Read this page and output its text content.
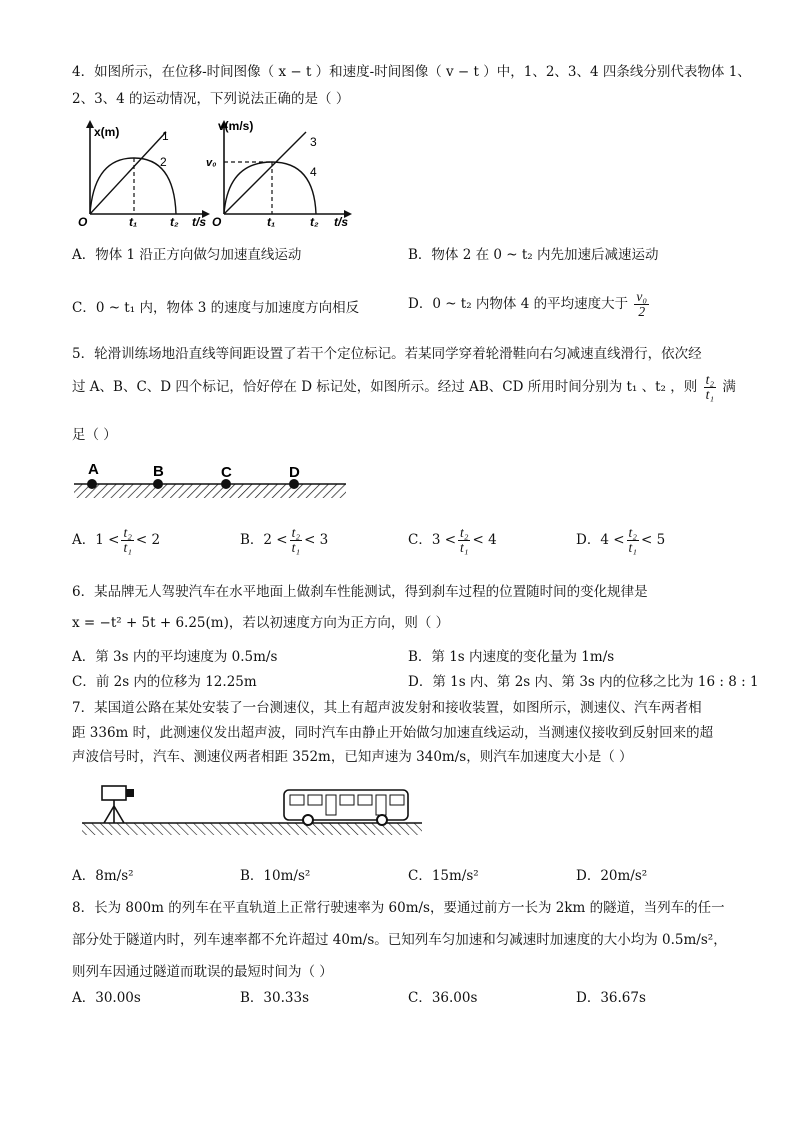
4．如图所示，在位移-时间图像（ x − t ）和速度-时间图像（ v − t ）中，1、2、3、4 四条线分别代表物体 1、
2、3、4 的运动情况，下列说法正确的是（ ）
x(m)	1
2
O	t₁	t₂ t/s
v(m/s)
v₀
3
4
O	t₁	t₂ t/s
A．物体 1 沿正方向做匀加速直线运动	B．物体 2 在 0 ~ t₂ 内先加速后减速运动
C．0 ~ t₁ 内，物体 3 的速度与加速度方向相反	D．0 ~ t₂ 内物体 4 的平均速度大于 $\frac{\text{v₀}}{2}$
5．轮滑训练场地沿直线等间距设置了若干个定位标记。若某同学穿着轮滑鞋向右匀减速直线滑行，依次经
过 A、B、C、D 四个标记，恰好停在 D 标记处，如图所示。经过 AB、CD 所用时间分别为 t₁ 、t₂ ，则 $\frac{\text{t₂}}{\text{t₁}}$ 满
足（ ）
A	B	C	D
A．$1 < \frac{\text{t₂}}{\text{t₁}} < 2$	B．$2 < \frac{\text{t₂}}{\text{t₁}} < 3$	C．$3 < \frac{\text{t₂}}{\text{t₁}} < 4$	D．$4 < \frac{\text{t₂}}{\text{t₁}} < 5$
6．某品牌无人驾驶汽车在水平地面上做刹车性能测试，得到刹车过程的位置随时间的变化规律是
x = −t² + 5t + 6.25(m)，若以初速度方向为正方向，则（ ）
A．第 3s 内的平均速度为 0.5m/s	B．第 1s 内速度的变化量为 1m/s
C．前 2s 内的位移为 12.25m	D．第 1s 内、第 2s 内、第 3s 内的位移之比为 16 : 8 : 1
7．某国道公路在某处安装了一台测速仪，其上有超声波发射和接收装置，如图所示，测速仪、汽车两者相
距 336m 时，此测速仪发出超声波，同时汽车由静止开始做匀加速直线运动，当测速仪接收到反射回来的超
声波信号时，汽车、测速仪两者相距 352m，已知声速为 340m/s，则汽车加速度大小是（ ）
A．8m/s²	B．10m/s²	C．15m/s²	D．20m/s²
8．长为 800m 的列车在平直轨道上正常行驶速率为 60m/s，要通过前方一长为 2km 的隧道，当列车的任一
部分处于隧道内时，列车速率都不允许超过 40m/s。已知列车匀加速和匀减速时加速度的大小均为 0.5m/s²，
则列车因通过隧道而耽误的最短时间为（ ）
A．30.00s	B．30.33s	C．36.00s	D．36.67s
